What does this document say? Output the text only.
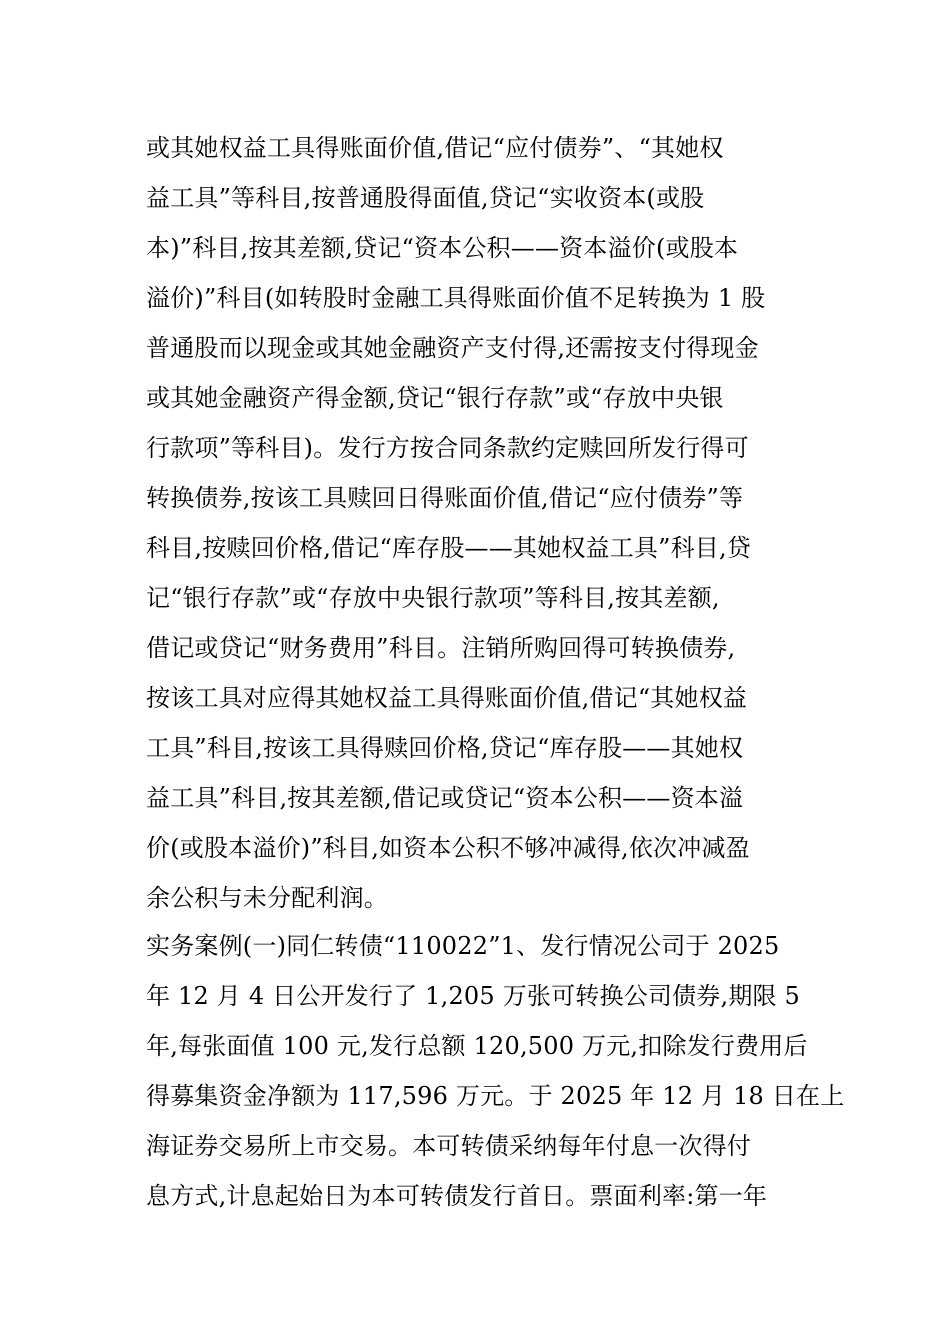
或其她权益工具得账面价值,借记“应付债券”、“其她权
益工具”等科目,按普通股得面值,贷记“实收资本(或股
本)”科目,按其差额,贷记“资本公积——资本溢价(或股本
溢价)”科目(如转股时金融工具得账面价值不足转换为 1 股
普通股而以现金或其她金融资产支付得,还需按支付得现金
或其她金融资产得金额,贷记“银行存款”或“存放中央银
行款项”等科目)。发行方按合同条款约定赎回所发行得可
转换债券,按该工具赎回日得账面价值,借记“应付债券”等
科目,按赎回价格,借记“库存股——其她权益工具”科目,贷
记“银行存款”或“存放中央银行款项”等科目,按其差额,
借记或贷记“财务费用”科目。注销所购回得可转换债券,
按该工具对应得其她权益工具得账面价值,借记“其她权益
工具”科目,按该工具得赎回价格,贷记“库存股——其她权
益工具”科目,按其差额,借记或贷记“资本公积——资本溢
价(或股本溢价)”科目,如资本公积不够冲减得,依次冲减盈
余公积与未分配利润。
实务案例(一)同仁转债“110022”1、发行情况公司于 2025
年 12 月 4 日公开发行了 1,205 万张可转换公司债券,期限 5
年,每张面值 100 元,发行总额 120,500 万元,扣除发行费用后
得募集资金净额为 117,596 万元。于 2025 年 12 月 18 日在上
海证券交易所上市交易。本可转债采纳每年付息一次得付
息方式,计息起始日为本可转债发行首日。票面利率:第一年
